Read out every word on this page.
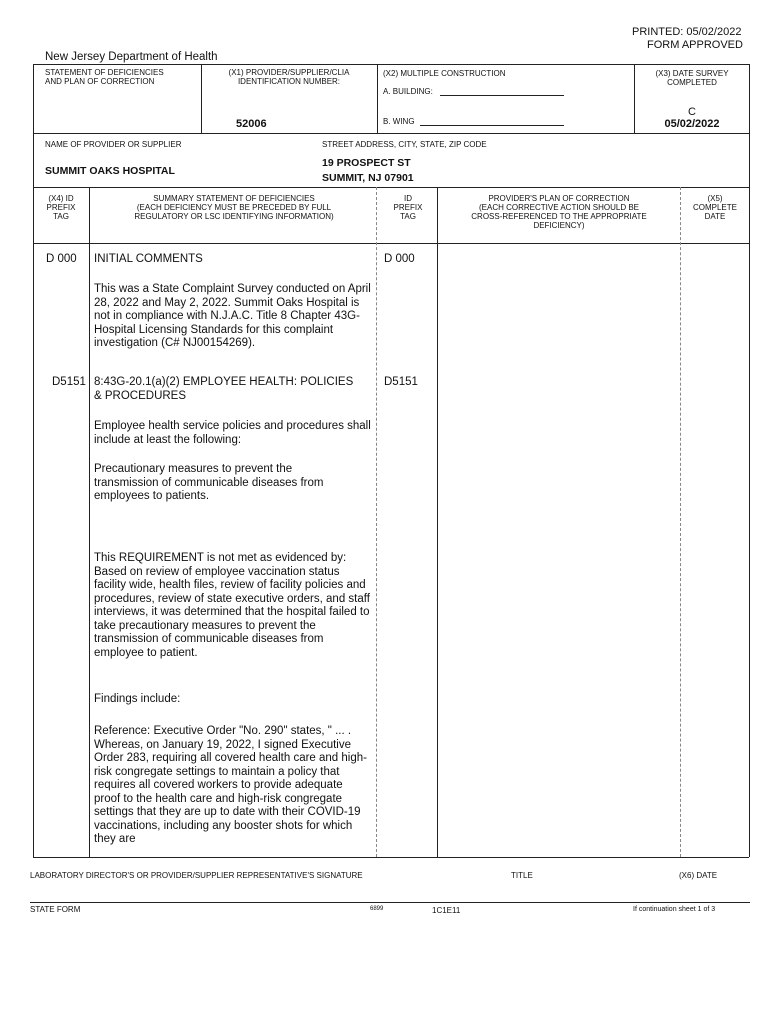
PRINTED: 05/02/2022
FORM APPROVED
New Jersey Department of Health
STATEMENT OF DEFICIENCIES
AND PLAN OF CORRECTION
(X1) PROVIDER/SUPPLIER/CLIA
IDENTIFICATION NUMBER:
52006
(X2) MULTIPLE CONSTRUCTION
A. BUILDING:
B. WING
(X3) DATE SURVEY
COMPLETED
C
05/02/2022
NAME OF PROVIDER OR SUPPLIER
SUMMIT OAKS HOSPITAL
STREET ADDRESS, CITY, STATE, ZIP CODE
19 PROSPECT ST
SUMMIT, NJ 07901
(X4) ID
PREFIX
TAG
SUMMARY STATEMENT OF DEFICIENCIES
(EACH DEFICIENCY MUST BE PRECEDED BY FULL
REGULATORY OR LSC IDENTIFYING INFORMATION)
ID
PREFIX
TAG
PROVIDER'S PLAN OF CORRECTION
(EACH CORRECTIVE ACTION SHOULD BE
CROSS-REFERENCED TO THE APPROPRIATE
DEFICIENCY)
(X5)
COMPLETE
DATE
D 000	D 000
INITIAL COMMENTS
This was a State Complaint Survey conducted on April 28, 2022 and May 2, 2022. Summit Oaks Hospital is not in compliance with N.J.A.C. Title 8 Chapter 43G-Hospital Licensing Standards for this complaint investigation (C# NJ00154269).
D5151	D5151
8:43G-20.1(a)(2) EMPLOYEE HEALTH: POLICIES & PROCEDURES
Employee health service policies and procedures shall include at least the following:
Precautionary measures to prevent the transmission of communicable diseases from employees to patients.
This REQUIREMENT is not met as evidenced by:
Based on review of employee vaccination status facility wide, health files, review of facility policies and procedures, review of state executive orders, and staff interviews, it was determined that the hospital failed to take precautionary measures to prevent the transmission of communicable diseases from employee to patient.
Findings include:
Reference: Executive Order "No. 290" states, " ... . Whereas, on January 19, 2022, I signed Executive Order 283, requiring all covered health care and high-risk congregate settings to maintain a policy that requires all covered workers to provide adequate proof to the health care and high-risk congregate settings that they are up to date with their COVID-19 vaccinations, including any booster shots for which they are
LABORATORY DIRECTOR'S OR PROVIDER/SUPPLIER REPRESENTATIVE'S SIGNATURE	TITLE	(X6) DATE
STATE FORM	6899	1C1E11	If continuation sheet 1 of 3
